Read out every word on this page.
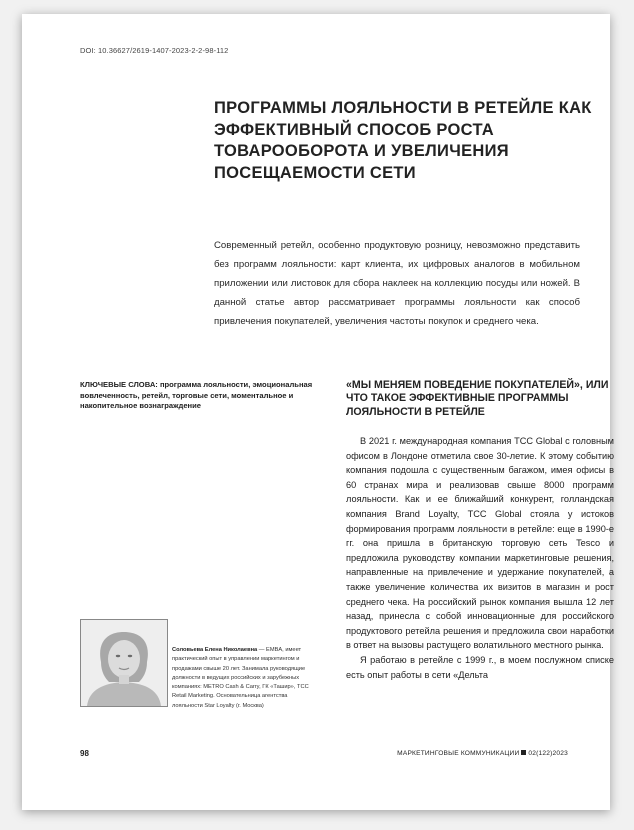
DOI: 10.36627/2619-1407-2023-2-2-98-112
ПРОГРАММЫ ЛОЯЛЬНОСТИ В РЕТЕЙЛЕ КАК ЭФФЕКТИВНЫЙ СПОСОБ РОСТА ТОВАРООБОРОТА И УВЕЛИЧЕНИЯ ПОСЕЩАЕМОСТИ СЕТИ

Современный ретейл, особенно продуктовую розницу, невозможно представить без программ лояльности: карт клиента, их цифровых аналогов в мобильном приложении или листовок для сбора наклеек на коллекцию посуды или ножей. В данной статье автор рассматривает программы лояльности как способ привлечения покупателей, увеличения частоты покупок и среднего чека.

КЛЮЧЕВЫЕ СЛОВА: программа лояльности, эмоциональная вовлеченность, ретейл, торговые сети, моментальное и накопительное вознаграждение

«МЫ МЕНЯЕМ ПОВЕДЕНИЕ ПОКУПАТЕЛЕЙ», ИЛИ ЧТО ТАКОЕ ЭФФЕКТИВНЫЕ ПРОГРАММЫ ЛОЯЛЬНОСТИ В РЕТЕЙЛЕ

В 2021 г. международная компания TCC Global с головным офисом в Лондоне отметила свое 30-летие. К этому событию компания подошла с существенным багажом, имея офисы в 60 странах мира и реализовав свыше 8000 программ лояльности. Как и ее ближайший конкурент, голландская компания Brand Loyalty, TCC Global стояла у истоков формирования программ лояльности в ретейле: еще в 1990-е гг. она пришла в британскую торговую сеть Tesco и предложила руководству компании маркетинговые решения, направленные на привлечение и удержание покупателей, а также увеличение количества их визитов в магазин и рост среднего чека. На российский рынок компания вышла 12 лет назад, принесла с собой инновационные для российского продуктового ретейла решения и предложила свои наработки в ответ на вызовы растущего волатильного местного рынка.

Я работаю в ретейле с 1999 г., в моем послужном списке есть опыт работы в сети «Дельта

Соловьева Елена Николаевна — EMBA, имеет практический опыт в управлении маркетингом и продажами свыше 20 лет. Занимала руководящие должности в ведущих российских и зарубежных компаниях: METRO Cash & Carry, ГК «Ташир», TCC Retail Marketing. Основательница агентства лояльности Star Loyalty (г. Москва)

98	МАРКЕТИНГОВЫЕ КОММУНИКАЦИИ 02(122)2023
